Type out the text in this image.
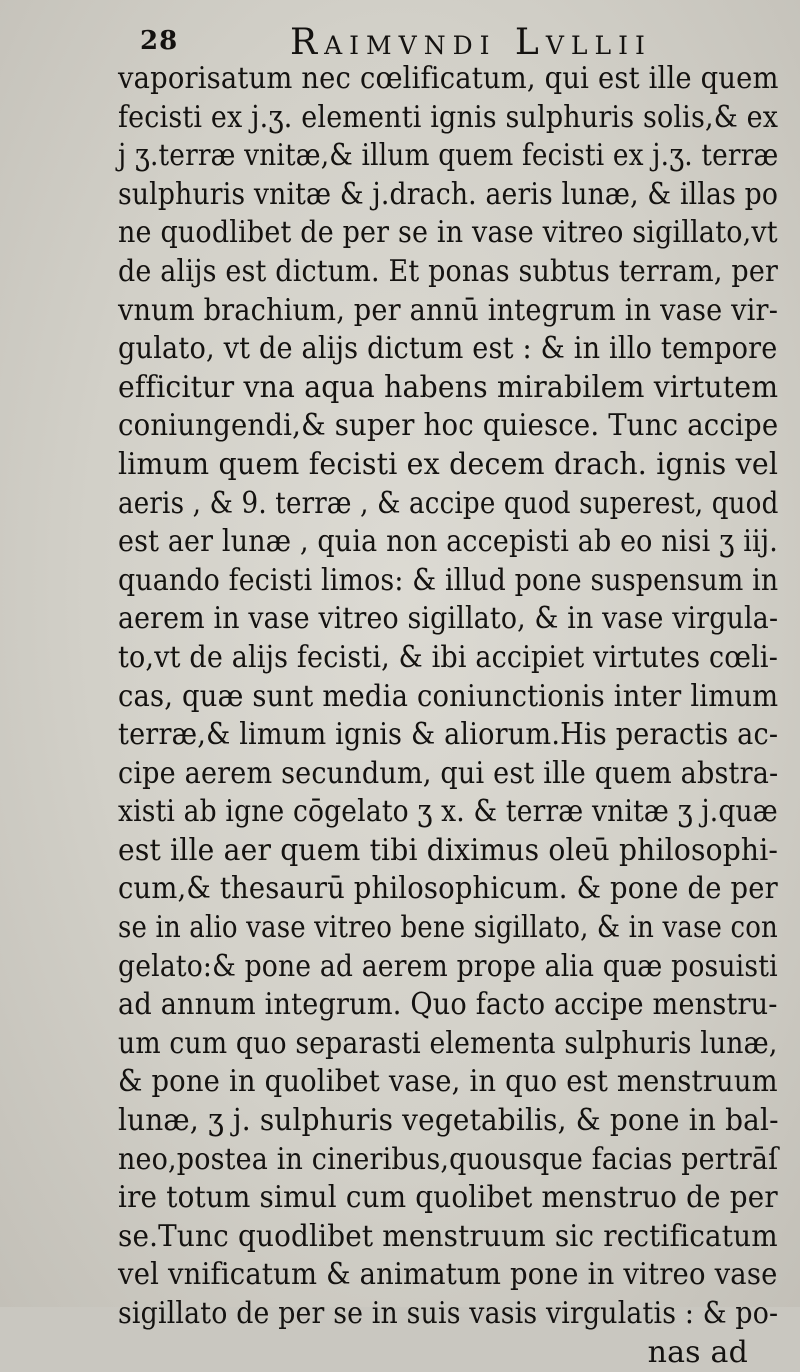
28	Raimvndi Lvllii
vaporisatum nec cœlificatum, qui est ille quem
fecisti ex j.ʒ. elementi ignis sulphuris solis,& ex
j ʒ.terræ vnitæ,& illum quem fecisti ex j.ʒ. terræ
sulphuris vnitæ & j.drach. aeris lunæ, & illas po
ne quodlibet de per se in vase vitreo sigillato,vt
de alijs est dictum. Et ponas subtus terram, per
vnum brachium, per annū integrum in vase vir-
gulato, vt de alijs dictum est : & in illo tempore
efficitur vna aqua habens mirabilem virtutem
coniungendi,& super hoc quiesce. Tunc accipe
limum quem fecisti ex decem drach. ignis vel
aeris , & 9. terræ , & accipe quod superest, quod
est aer lunæ , quia non accepisti ab eo nisi ʒ iij.
quando fecisti limos: & illud pone suspensum in
aerem in vase vitreo sigillato, & in vase virgula-
to,vt de alijs fecisti, & ibi accipiet virtutes cœli-
cas, quæ sunt media coniunctionis inter limum
terræ,& limum ignis & aliorum.His peractis ac-
cipe aerem secundum, qui est ille quem abstra-
xisti ab igne cōgelato ʒ x. & terræ vnitæ ʒ j.quæ
est ille aer quem tibi diximus oleū philosophi-
cum,& thesaurū philosophicum. & pone de per
se in alio vase vitreo bene sigillato, & in vase con
gelato:& pone ad aerem prope alia quæ posuisti
ad annum integrum. Quo facto accipe menstru-
um cum quo separasti elementa sulphuris lunæ,
& pone in quolibet vase, in quo est menstruum
lunæ, ʒ j. sulphuris vegetabilis, & pone in bal-
neo,postea in cineribus,quousque facias pertrāſ
ire totum simul cum quolibet menstruo de per
se.Tunc quodlibet menstruum sic rectificatum
vel vnificatum & animatum pone in vitreo vase
sigillato de per se in suis vasis virgulatis : & po-
nas ad
